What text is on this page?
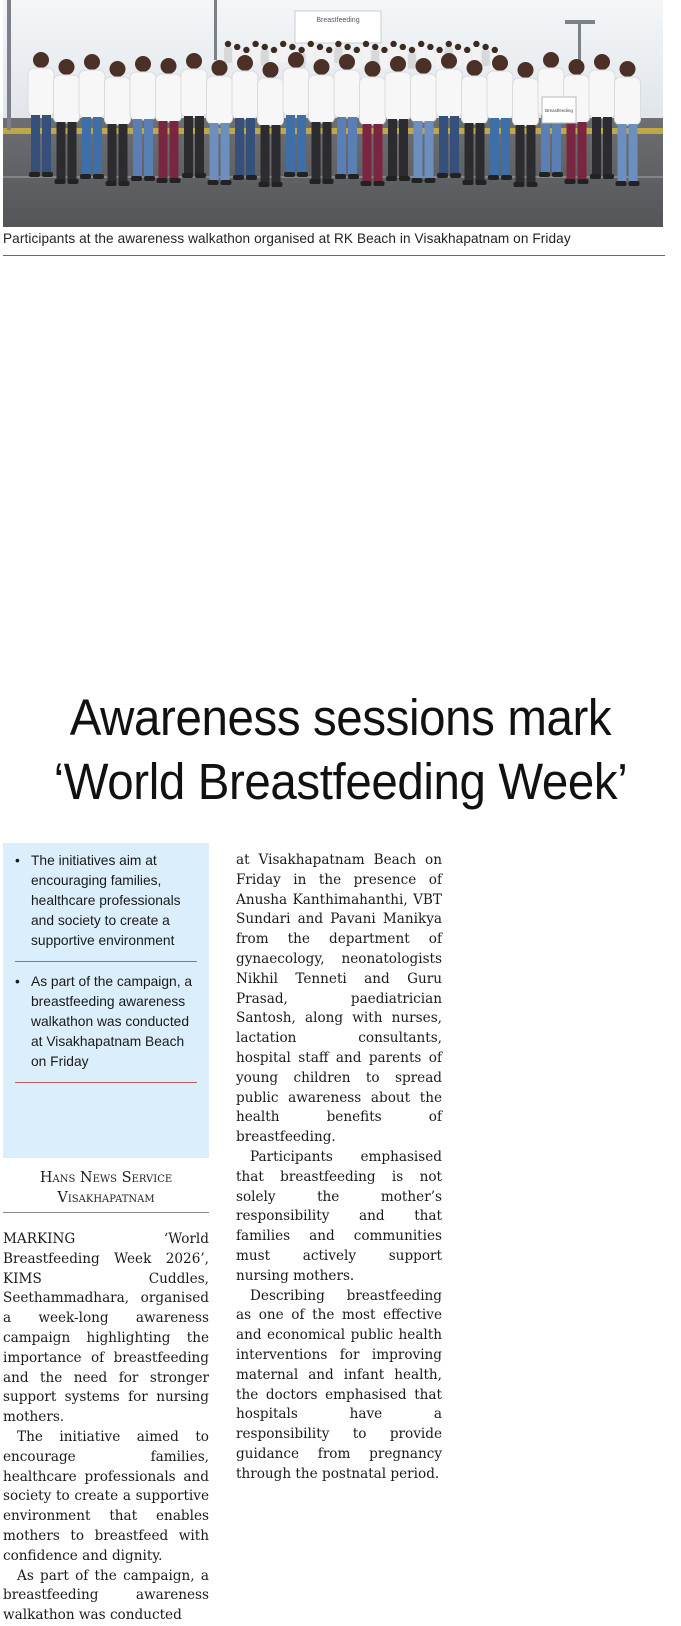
Breastfeeding
Breastfeeding
Participants at the awareness walkathon organised at RK Beach in Visakhapatnam on Friday
Awareness sessions mark
‘World Breastfeeding Week’
• The initiatives aim at encouraging families, healthcare professionals and society to create a supportive environment
• As part of the campaign, a breastfeeding awareness walkathon was conducted at Visakhapatnam Beach on Friday
Hans News Service
Visakhapatnam

MARKING ‘World Breastfeeding Week 2026’, KIMS Cuddles, Seethammadhara, organised a week-long awareness campaign highlighting the importance of breastfeeding and the need for stronger support systems for nursing mothers.

The initiative aimed to encourage families, healthcare professionals and society to create a supportive environment that enables mothers to breastfeed with confidence and dignity.

As part of the campaign, a breastfeeding awareness walkathon was conducted

at Visakhapatnam Beach on Friday in the presence of Anusha Kanthimahanthi, VBT Sundari and Pavani Manikya from the department of gynaecology, neonatologists Nikhil Tenneti and Guru Prasad, paediatrician Santosh, along with nurses, lactation consultants, hospital staff and parents of young children to spread public awareness about the health benefits of breastfeeding.

Participants emphasised that breastfeeding is not solely the mother’s responsibility and that families and communities must actively support nursing mothers.

Describing breastfeeding as one of the most effective and economical public health interventions for improving maternal and infant health, the doctors emphasised that hospitals have a responsibility to provide guidance from pregnancy through the postnatal period.
